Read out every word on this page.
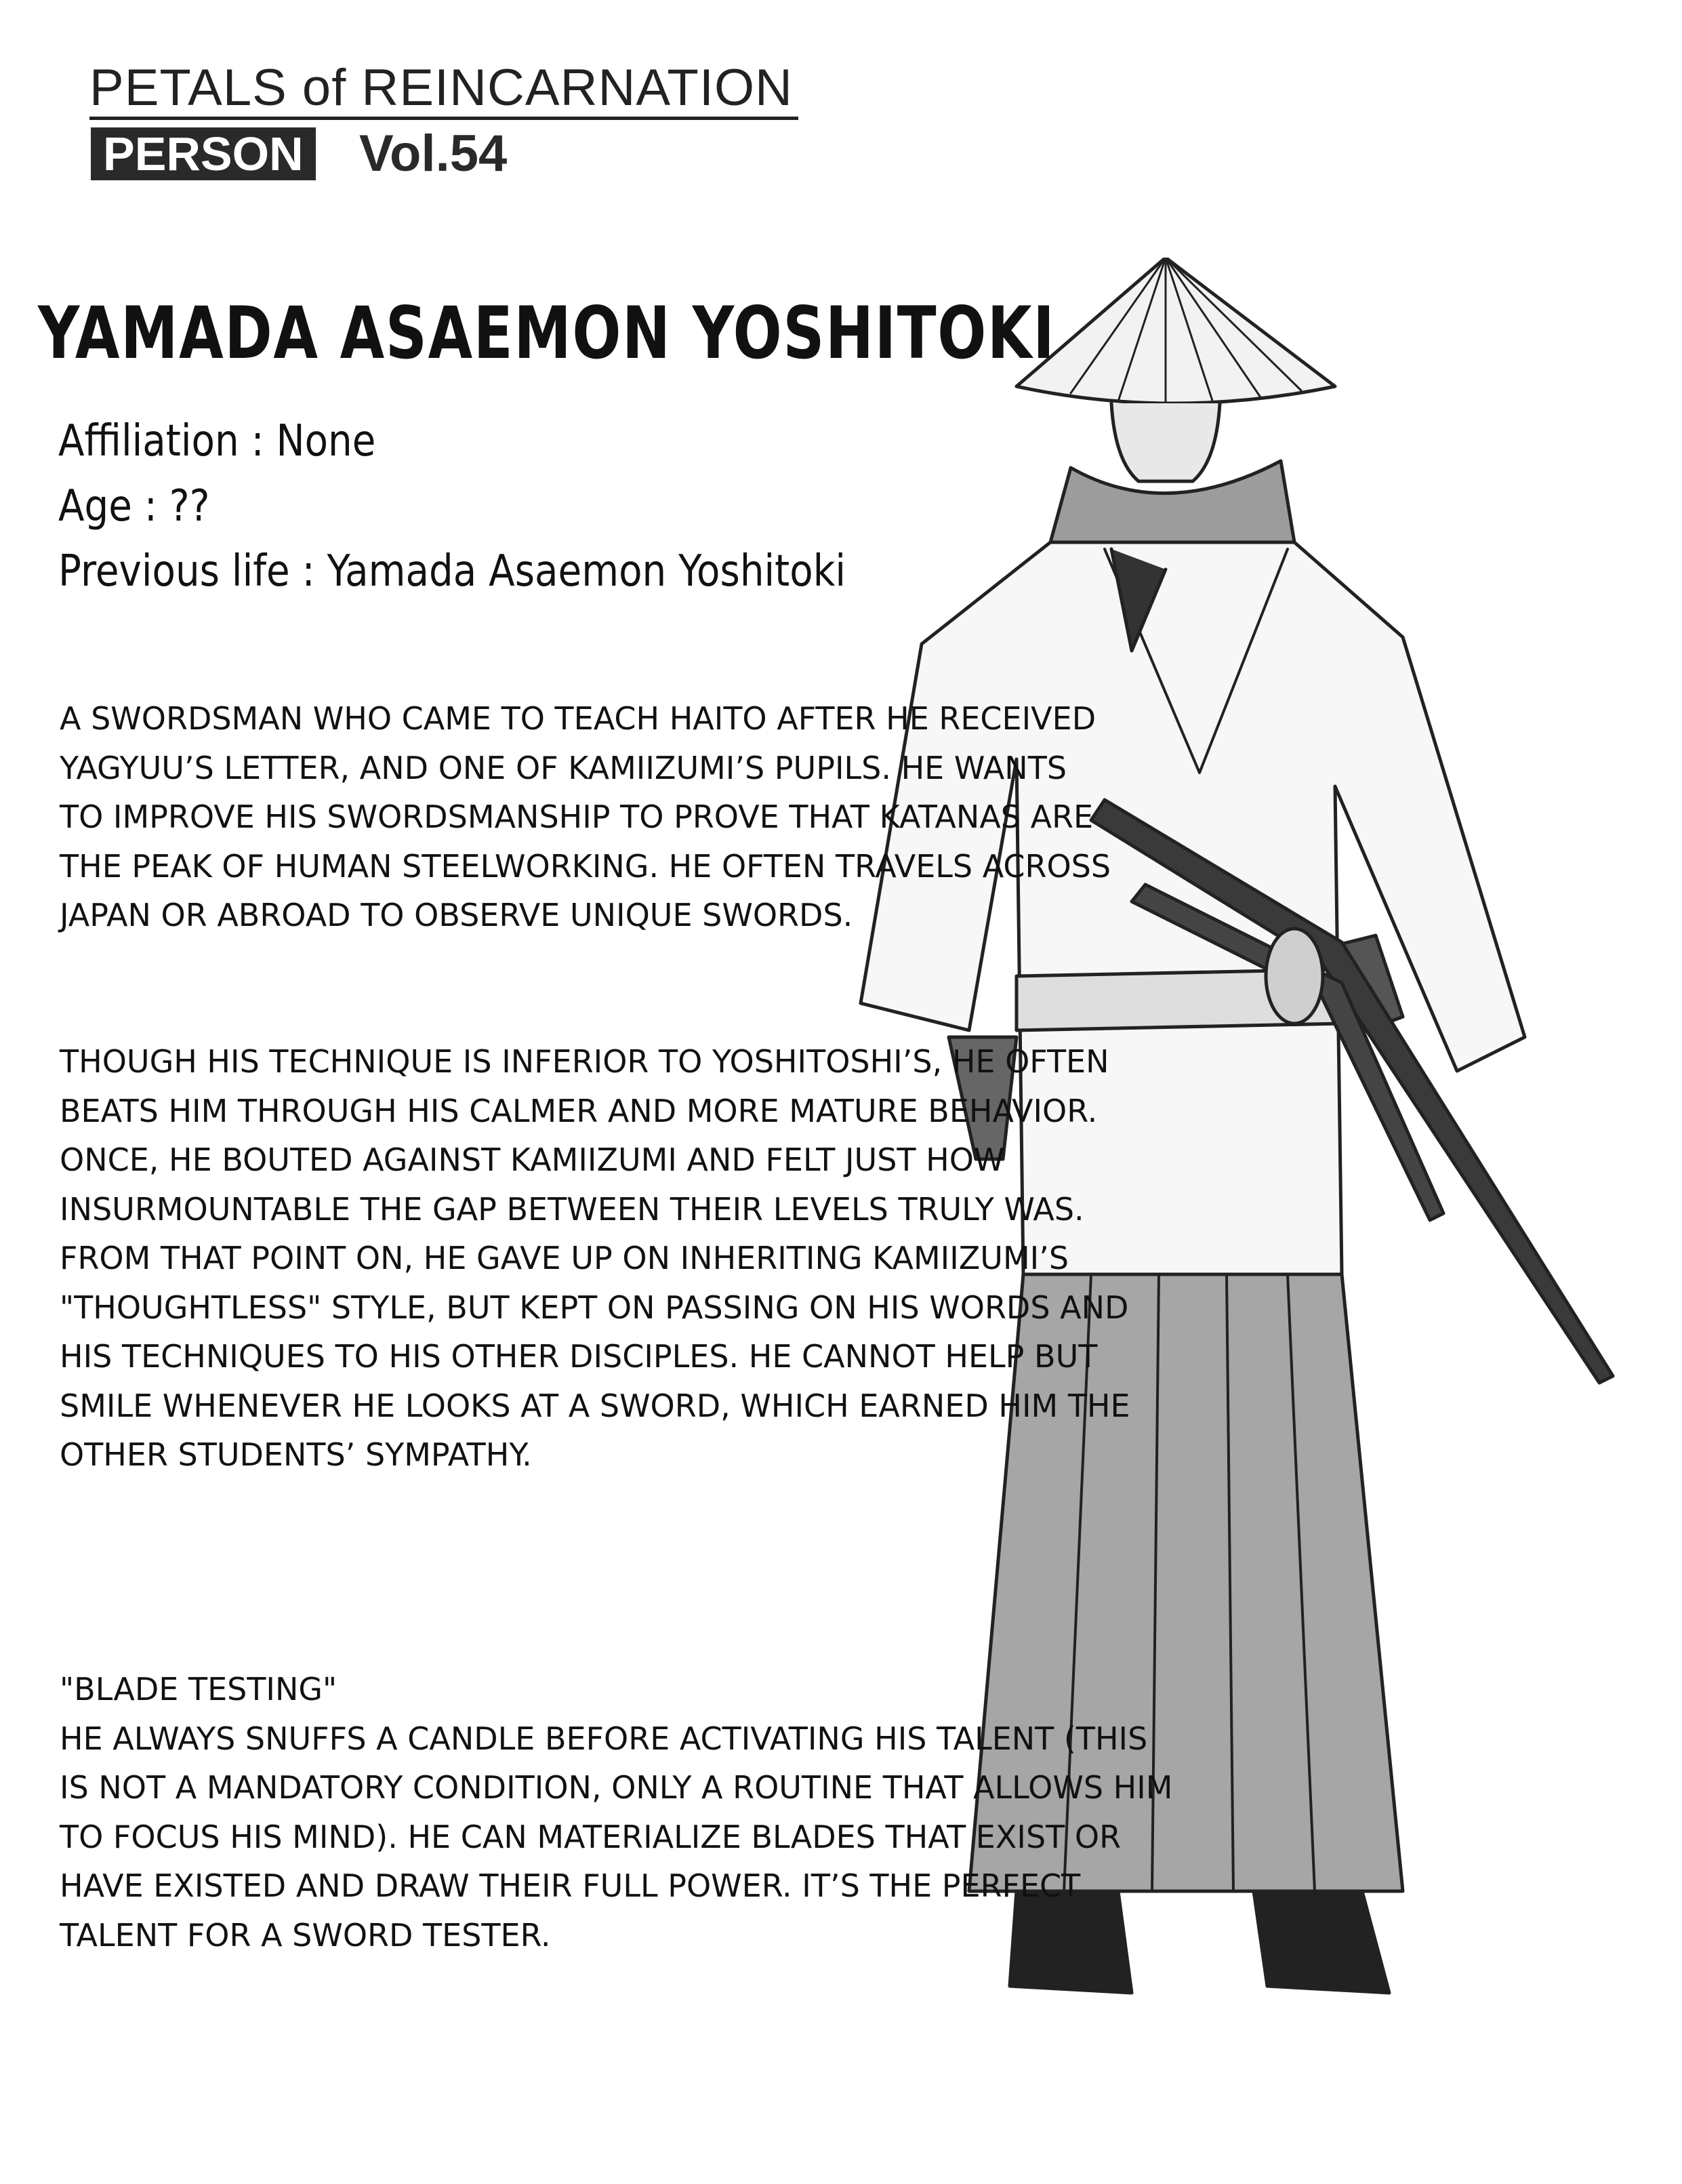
PETALS of REINCARNATION
PERSON Vol.54
YAMADA ASAEMON YOSHITOKI
Affiliation : None
Age : ??
Previous life : Yamada Asaemon Yoshitoki

A SWORDSMAN WHO CAME TO TEACH HAITO AFTER HE RECEIVED YAGYUU’S LETTER, AND ONE OF KAMIIZUMI’S PUPILS. HE WANTS TO IMPROVE HIS SWORDSMANSHIP TO PROVE THAT KATANAS ARE THE PEAK OF HUMAN STEELWORKING. HE OFTEN TRAVELS ACROSS JAPAN OR ABROAD TO OBSERVE UNIQUE SWORDS.

THOUGH HIS TECHNIQUE IS INFERIOR TO YOSHITOSHI’S, HE OFTEN BEATS HIM THROUGH HIS CALMER AND MORE MATURE BEHAVIOR. ONCE, HE BOUTED AGAINST KAMIIZUMI AND FELT JUST HOW INSURMOUNTABLE THE GAP BETWEEN THEIR LEVELS TRULY WAS. FROM THAT POINT ON, HE GAVE UP ON INHERITING KAMIIZUMI’S "THOUGHTLESS" STYLE, BUT KEPT ON PASSING ON HIS WORDS AND HIS TECHNIQUES TO HIS OTHER DISCIPLES. HE CANNOT HELP BUT SMILE WHENEVER HE LOOKS AT A SWORD, WHICH EARNED HIM THE OTHER STUDENTS’ SYMPATHY.

"BLADE TESTING"
HE ALWAYS SNUFFS A CANDLE BEFORE ACTIVATING HIS TALENT (THIS IS NOT A MANDATORY CONDITION, ONLY A ROUTINE THAT ALLOWS HIM TO FOCUS HIS MIND). HE CAN MATERIALIZE BLADES THAT EXIST OR HAVE EXISTED AND DRAW THEIR FULL POWER. IT’S THE PERFECT TALENT FOR A SWORD TESTER.
